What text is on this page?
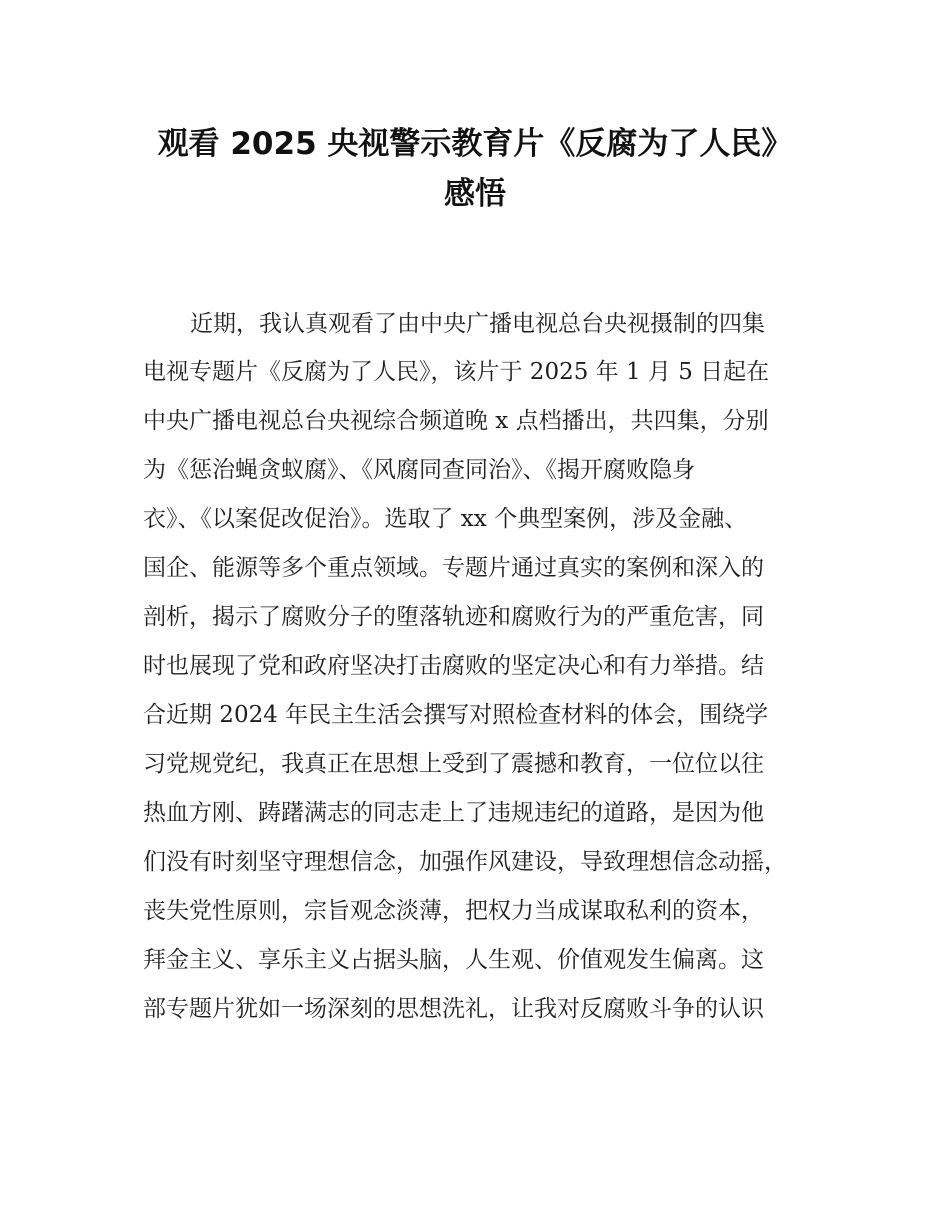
观看 2025 央视警示教育片《反腐为了人民》
感悟

近期，我认真观看了由中央广播电视总台央视摄制的四集

电视专题片《反腐为了人民》，该片于 2025 年 1 月 5 日起在

中央广播电视总台央视综合频道晚 x 点档播出，共四集，分别

为《惩治蝇贪蚁腐》、《风腐同查同治》、《揭开腐败隐身

衣》、《以案促改促治》。选取了 xx 个典型案例，涉及金融、

国企、能源等多个重点领域。专题片通过真实的案例和深入的

剖析，揭示了腐败分子的堕落轨迹和腐败行为的严重危害，同

时也展现了党和政府坚决打击腐败的坚定决心和有力举措。结

合近期 2024 年民主生活会撰写对照检查材料的体会，围绕学

习党规党纪，我真正在思想上受到了震撼和教育，一位位以往

热血方刚、踌躇满志的同志走上了违规违纪的道路，是因为他

们没有时刻坚守理想信念，加强作风建设，导致理想信念动摇，

丧失党性原则，宗旨观念淡薄，把权力当成谋取私利的资本，

拜金主义、享乐主义占据头脑，人生观、价值观发生偏离。这

部专题片犹如一场深刻的思想洗礼，让我对反腐败斗争的认识
